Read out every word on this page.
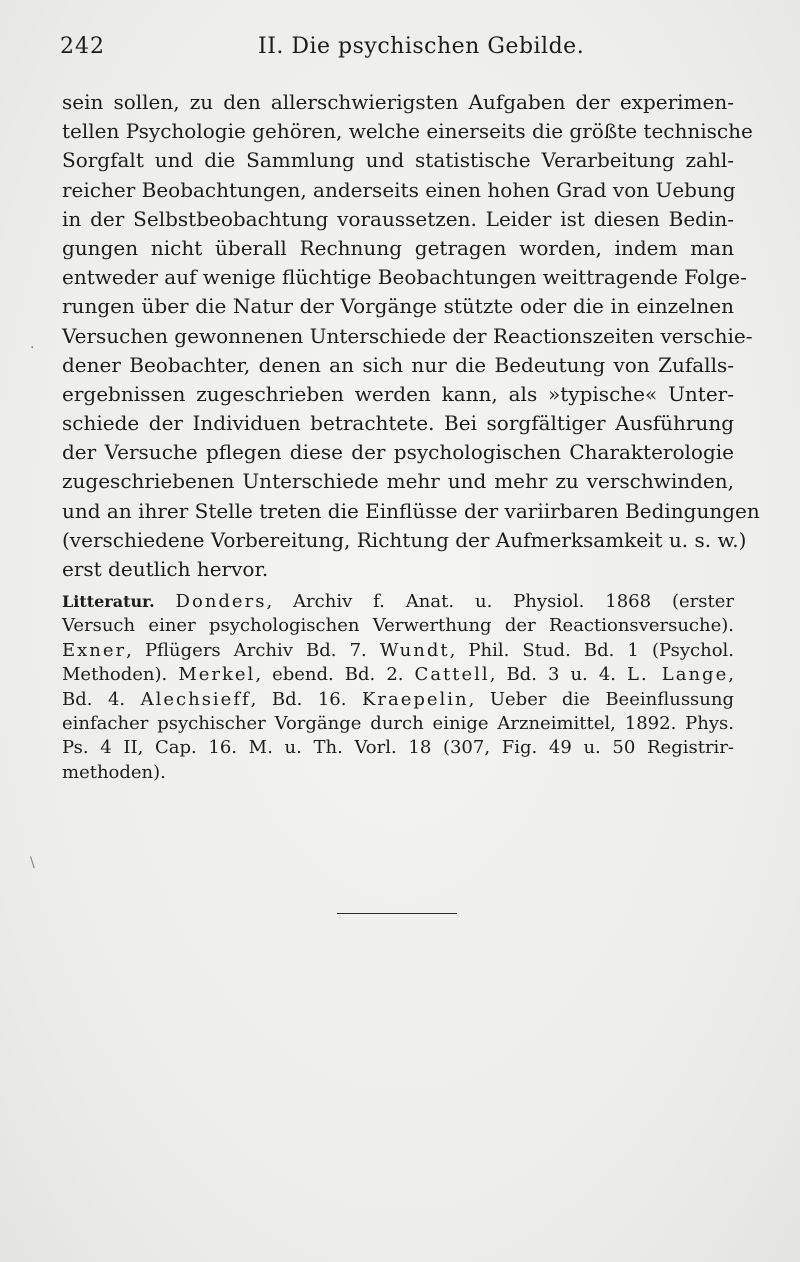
242	II. Die psychischen Gebilde.
sein sollen, zu den allerschwierigsten Aufgaben der experimen-
tellen Psychologie gehören, welche einerseits die größte technische
Sorgfalt und die Sammlung und statistische Verarbeitung zahl-
reicher Beobachtungen, anderseits einen hohen Grad von Uebung
in der Selbstbeobachtung voraussetzen. Leider ist diesen Bedin-
gungen nicht überall Rechnung getragen worden, indem man
entweder auf wenige flüchtige Beobachtungen weittragende Folge-
rungen über die Natur der Vorgänge stützte oder die in einzelnen
Versuchen gewonnenen Unterschiede der Reactionszeiten verschie-
dener Beobachter, denen an sich nur die Bedeutung von Zufalls-
ergebnissen zugeschrieben werden kann, als »typische« Unter-
schiede der Individuen betrachtete. Bei sorgfältiger Ausführung
der Versuche pflegen diese der psychologischen Charakterologie
zugeschriebenen Unterschiede mehr und mehr zu verschwinden,
und an ihrer Stelle treten die Einflüsse der variirbaren Bedingungen
(verschiedene Vorbereitung, Richtung der Aufmerksamkeit u. s. w.)
erst deutlich hervor.
Litteratur. Donders, Archiv f. Anat. u. Physiol. 1868 (erster
Versuch einer psychologischen Verwerthung der Reactionsversuche).
Exner, Pflügers Archiv Bd. 7. Wundt, Phil. Stud. Bd. 1 (Psychol.
Methoden). Merkel, ebend. Bd. 2. Cattell, Bd. 3 u. 4. L. Lange,
Bd. 4. Alechsieff, Bd. 16. Kraepelin, Ueber die Beeinflussung
einfacher psychischer Vorgänge durch einige Arzneimittel, 1892. Phys.
Ps. 4 II, Cap. 16. M. u. Th. Vorl. 18 (307, Fig. 49 u. 50 Registrir-
methoden).
·
\
